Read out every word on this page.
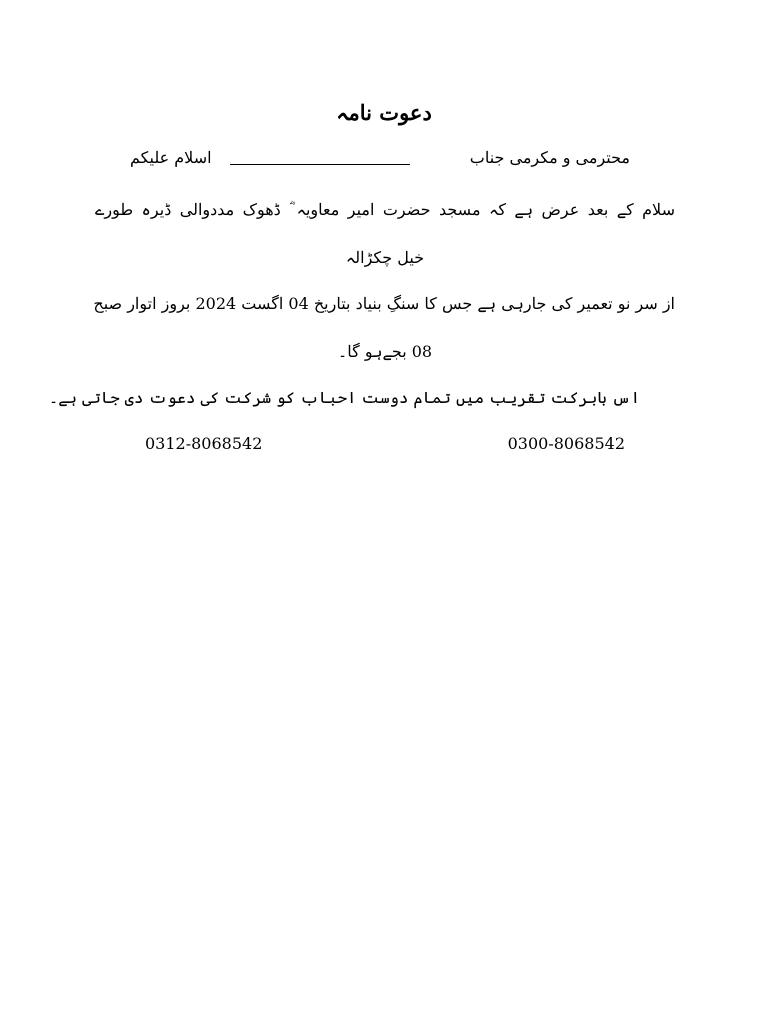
دعوت نامہ
محترمی و مکرمی جناب
اسلام علیکم
سلام کے بعد عرض ہے کہ مسجد حضرت امیر معاویہ ؓ ڈھوک مددوالی ڈیرہ طورے
خیل چکڑالہ
از سر نو تعمیر کی جارہی ہے جس کا سنگِ بنیاد بتاریخ 04 اگست 2024 بروز اتوار صبح
08 بجےہو گا۔
اس بابرکت تقریب میں تمام دوست احباب کو شرکت کی دعوت دی جاتی ہے۔
0312-8068542	0300-8068542
